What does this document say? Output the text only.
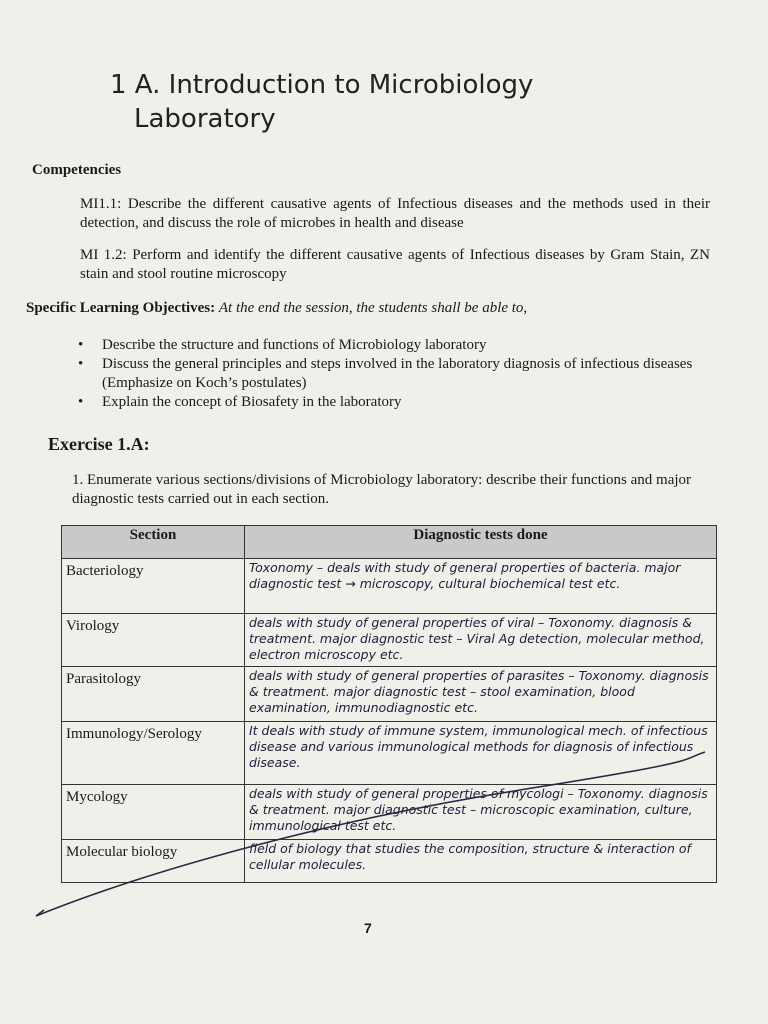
1 A. Introduction to Microbiology
Laboratory
Competencies
MI1.1: Describe the different causative agents of Infectious diseases and the methods used in their detection, and discuss the role of microbes in health and disease
MI 1.2: Perform and identify the different causative agents of Infectious diseases by Gram Stain, ZN stain and stool routine microscopy
Specific Learning Objectives: At the end the session, the students shall be able to,
• Describe the structure and functions of Microbiology laboratory
• Discuss the general principles and steps involved in the laboratory diagnosis of infectious diseases (Emphasize on Koch’s postulates)
• Explain the concept of Biosafety in the laboratory
Exercise 1.A:
1. Enumerate various sections/divisions of Microbiology laboratory: describe their functions and major diagnostic tests carried out in each section.
Section	Diagnostic tests done
Bacteriology	Toxonomy – deals with study of general properties of bacteria. major diagnostic test → microscopy, cultural biochemical test etc.
Virology	deals with study of general properties of viral – Toxonomy. diagnosis & treatment. major diagnostic test – Viral Ag detection, molecular method, electron microscopy etc.
Parasitology	deals with study of general properties of parasites – Toxonomy. diagnosis & treatment. major diagnostic test – stool examination, blood examination, immunodiagnostic etc.
Immunology/Serology	It deals with study of immune system, immunological mech. of infectious disease and various immunological methods for diagnosis of infectious disease.
Mycology	deals with study of general properties of mycologi – Toxonomy. diagnosis & treatment. major diagnostic test – microscopic examination, culture, immunological test etc.
Molecular biology	field of biology that studies the composition, structure & interaction of cellular molecules.
7
